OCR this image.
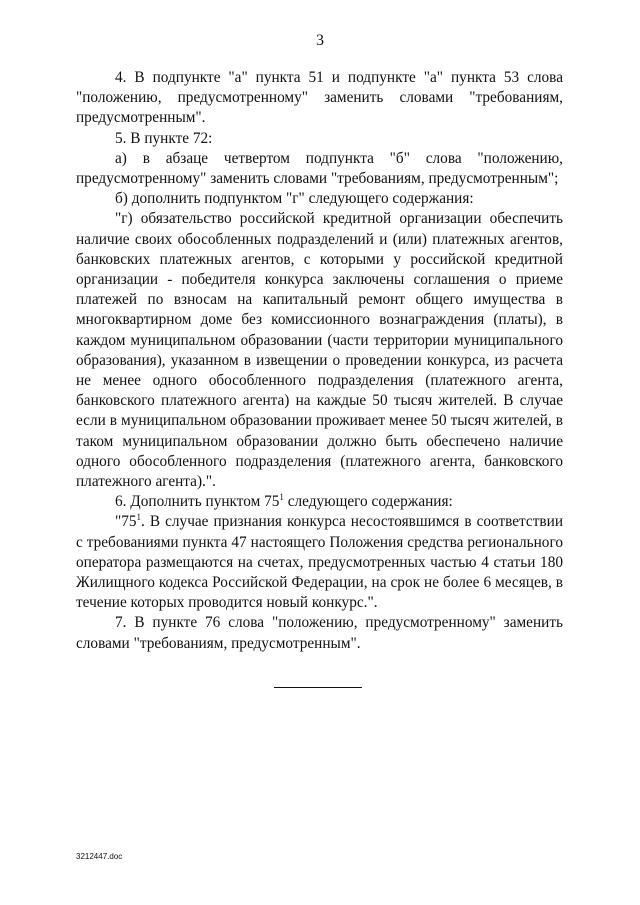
3

4. В подпункте "а" пункта 51 и подпункте "а" пункта 53 слова "положению, предусмотренному" заменить словами "требованиям, предусмотренным".

5. В пункте 72:

а) в абзаце четвертом подпункта "б" слова "положению, предусмотренному" заменить словами "требованиям, предусмотренным";

б) дополнить подпунктом "г" следующего содержания:

"г) обязательство российской кредитной организации обеспечить наличие своих обособленных подразделений и (или) платежных агентов, банковских платежных агентов, с которыми у российской кредитной организации - победителя конкурса заключены соглашения о приеме платежей по взносам на капитальный ремонт общего имущества в многоквартирном доме без комиссионного вознаграждения (платы), в каждом муниципальном образовании (части территории муниципального образования), указанном в извещении о проведении конкурса, из расчета не менее одного обособленного подразделения (платежного агента, банковского платежного агента) на каждые 50 тысяч жителей. В случае если в муниципальном образовании проживает менее 50 тысяч жителей, в таком муниципальном образовании должно быть обеспечено наличие одного обособленного подразделения (платежного агента, банковского платежного агента).".

6. Дополнить пунктом $75^1$ следующего содержания:

"$75^1$. В случае признания конкурса несостоявшимся в соответствии с требованиями пункта 47 настоящего Положения средства регионального оператора размещаются на счетах, предусмотренных частью 4 статьи 180 Жилищного кодекса Российской Федерации, на срок не более 6 месяцев, в течение которых проводится новый конкурс.".

7. В пункте 76 слова "положению, предусмотренному" заменить словами "требованиям, предусмотренным".

3212447.doc
